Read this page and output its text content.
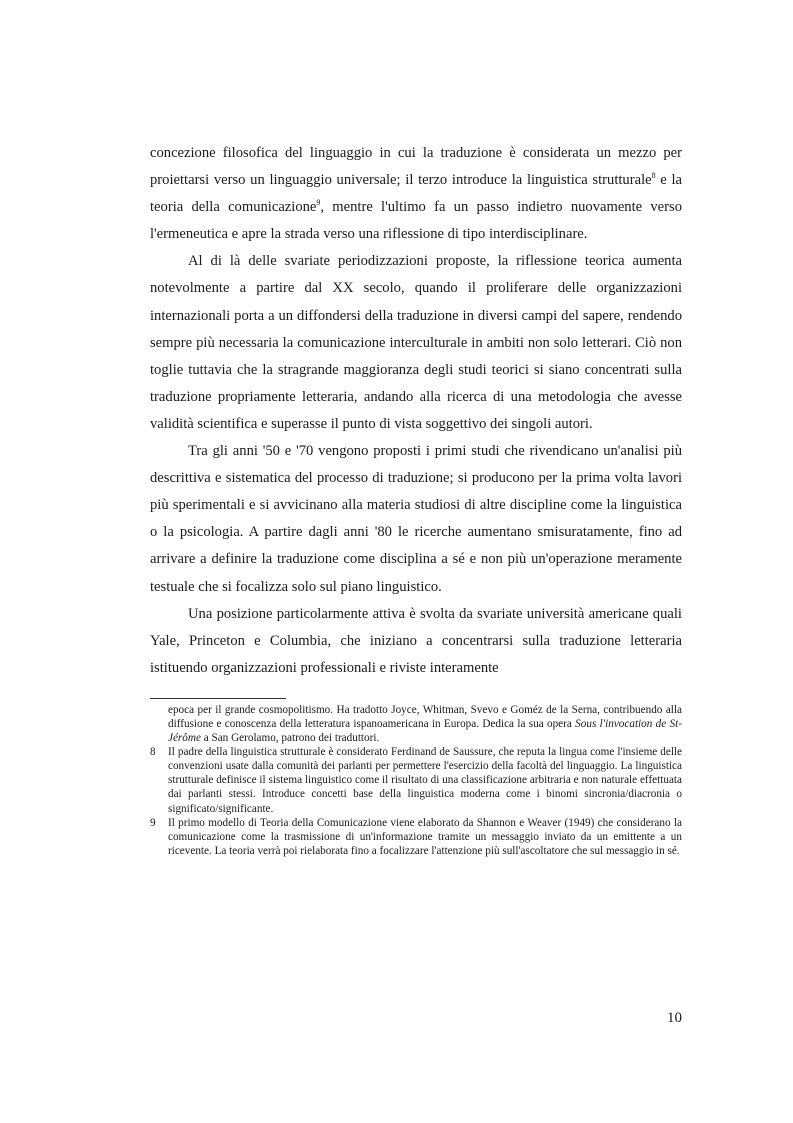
concezione filosofica del linguaggio in cui la traduzione è considerata un mezzo per proiettarsi verso un linguaggio universale; il terzo introduce la linguistica strutturale$^8$ e la teoria della comunicazione$^9$, mentre l'ultimo fa un passo indietro nuovamente verso l'ermeneutica e apre la strada verso una riflessione di tipo interdisciplinare.

Al di là delle svariate periodizzazioni proposte, la riflessione teorica aumenta notevolmente a partire dal XX secolo, quando il proliferare delle organizzazioni internazionali porta a un diffondersi della traduzione in diversi campi del sapere, rendendo sempre più necessaria la comunicazione interculturale in ambiti non solo letterari. Ciò non toglie tuttavia che la stragrande maggioranza degli studi teorici si siano concentrati sulla traduzione propriamente letteraria, andando alla ricerca di una metodologia che avesse validità scientifica e superasse il punto di vista soggettivo dei singoli autori.

Tra gli anni '50 e '70 vengono proposti i primi studi che rivendicano un'analisi più descrittiva e sistematica del processo di traduzione; si producono per la prima volta lavori più sperimentali e si avvicinano alla materia studiosi di altre discipline come la linguistica o la psicologia. A partire dagli anni '80 le ricerche aumentano smisuratamente, fino ad arrivare a definire la traduzione come disciplina a sé e non più un'operazione meramente testuale che si focalizza solo sul piano linguistico.

Una posizione particolarmente attiva è svolta da svariate università americane quali Yale, Princeton e Columbia, che iniziano a concentrarsi sulla traduzione letteraria istituendo organizzazioni professionali e riviste interamente

epoca per il grande cosmopolitismo. Ha tradotto Joyce, Whitman, Svevo e Goméz de la Serna, contribuendo alla diffusione e conoscenza della letteratura ispanoamericana in Europa. Dedica la sua opera Sous l'invocation de St-Jérôme a San Gerolamo, patrono dei traduttori.
8	Il padre della linguistica strutturale è considerato Ferdinand de Saussure, che reputa la lingua come l'insieme delle convenzioni usate dalla comunità dei parlanti per permettere l'esercizio della facoltà del linguaggio. La linguistica strutturale definisce il sistema linguistico come il risultato di una classificazione arbitraria e non naturale effettuata dai parlanti stessi. Introduce concetti base della linguistica moderna come i binomi sincronia/diacronia o significato/significante.
9	Il primo modello di Teoria della Comunicazione viene elaborato da Shannon e Weaver (1949) che considerano la comunicazione come la trasmissione di un'informazione tramite un messaggio inviato da un emittente a un ricevente. La teoria verrà poi rielaborata fino a focalizzare l'attenzione più sull'ascoltatore che sul messaggio in sé.
10
